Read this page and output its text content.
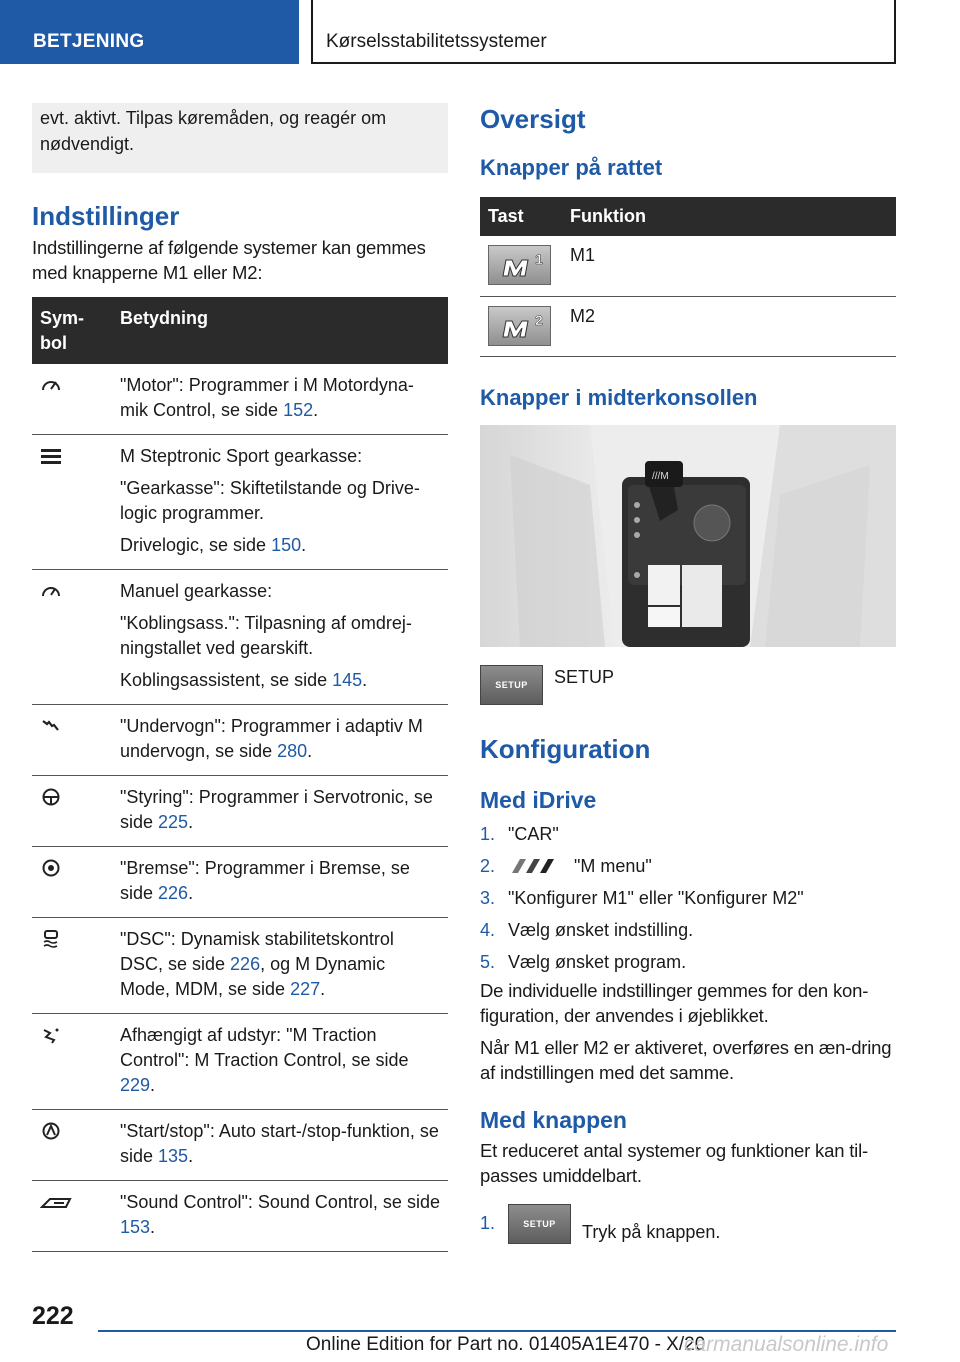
BETJENING	Kørselsstabilitetssystemer
evt. aktivt. Tilpas køremåden, og reagér om nødvendigt.
Indstillinger

Indstillingerne af følgende systemer kan gemmes med knapperne M1 eller M2:

Sym-bol	Betydning

"Motor": Programmer i M Motordyna-mik Control, se side 152.

M Steptronic Sport gearkasse:
"Gearkasse": Skiftetilstande og Drive-logic programmer.
Drivelogic, se side 150.

Manuel gearkasse:
"Koblingsass.": Tilpasning af omdrej-ningstallet ved gearskift.
Koblingsassistent, se side 145.

"Undervogn": Programmer i adaptiv M undervogn, se side 280.

"Styring": Programmer i Servotronic, se side 225.

"Bremse": Programmer i Bremse, se side 226.

"DSC": Dynamisk stabilitetskontrol DSC, se side 226, og M Dynamic Mode, MDM, se side 227.

Afhængigt af udstyr: "M Traction Control": M Traction Control, se side 229.

"Start/stop": Auto start-/stop-funktion, se side 135.

"Sound Control": Sound Control, se side 153.
Oversigt
Knapper på rattet
Tast	Funktion

1	M1

2	M2
Knapper i midterkonsollen
///M
SETUP	SETUP
Konfiguration
Med iDrive
1. "CAR"
2.	"M menu"
3. "Konfigurer M1" eller "Konfigurer M2"
4. Vælg ønsket indstilling.
5. Vælg ønsket program.

De individuelle indstillinger gemmes for den kon-figuration, der anvendes i øjeblikket.

Når M1 eller M2 er aktiveret, overføres en æn-dring af indstillingen med det samme.

Med knappen

Et reduceret antal systemer og funktioner kan til-passes umiddelbart.

1.	SETUP	Tryk på knappen.
222
Online Edition for Part no. 01405A1E470 - X/20
carmanualsonline.info
